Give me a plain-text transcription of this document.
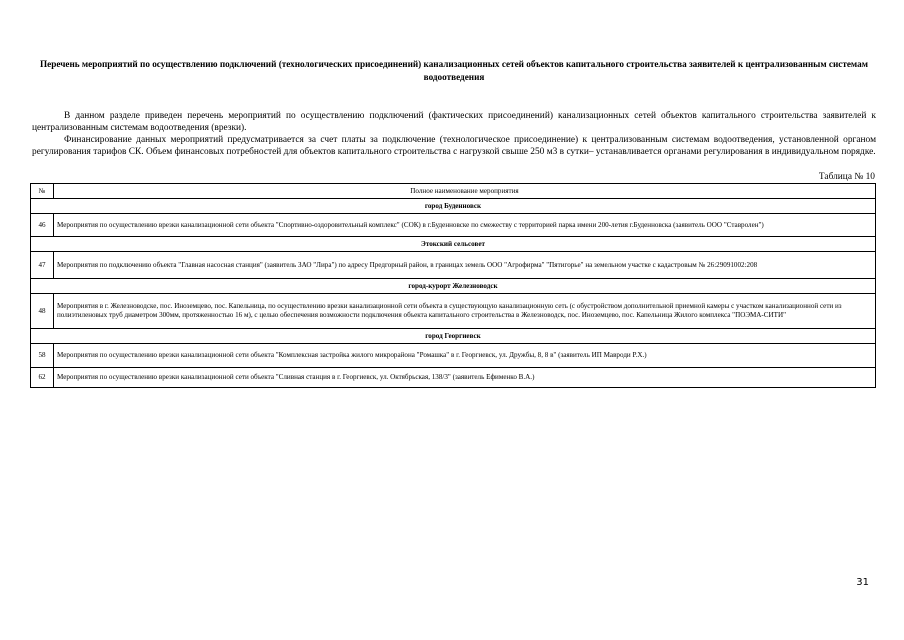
Перечень мероприятий по осуществлению подключений (технологических присоединений) канализационных сетей объектов капитального строительства заявителей к централизованным системам водоотведения

В данном разделе приведен перечень мероприятий по осуществлению подключений (фактических присоединений) канализационных сетей объектов капитального строительства заявителей к централизованным системам водоотведения (врезки).

Финансирование данных мероприятий предусматривается за счет платы за подключение (технологическое присоединение) к централизованным системам водоотведения, установленной органом регулирования тарифов СК. Объем финансовых потребностей для объектов капитального строительства с нагрузкой свыше 250 м3 в сутки– устанавливается органами регулирования в индивидуальном порядке.

Таблица № 10
№	Полное наименование мероприятия
город Буденновск	
46	Мероприятия по осуществлению врезки канализационной сети объекта "Спортивно-оздоровительный комплекс" (СОК) в г.Буденновске по смежеству с территорией парка имени 200-летия г.Буденновска (заявитель ООО "Ставролен")
Этокский сельсовет	
47	Мероприятия по подключению объекта "Главная насосная станция" (заявитель ЗАО "Лира") по адресу Предгорный район, в границах земель ООО "Агрофирма" "Пятигорье" на земельном участке с кадастровым № 26:29091002:208
город-курорт Железноводск	
48	Мероприятия в г. Железноводске, пос. Иноземцево, пос. Капельница, по осуществлению врезки канализационной сети объекта в существующую канализационную сеть (с обустройством дополнительной приемной камеры с участком канализационной сети из полиэтиленовых труб диаметром 300мм, протяженностью 16 м), с целью обеспечения возможности подключения объекта капитального строительства в Железноводск, пос. Иноземцево, пос. Капельница Жилого комплекса "ПОЭМА-СИТИ"
город Георгиевск	
58	Мероприятия по осуществлению врезки канализационной сети объекта "Комплексная застройка жилого микрорайона "Ромашка" в г. Георгиевск, ул. Дружбы, 8, 8 в" (заявитель ИП Мавроди Р.Х.)
62	Мероприятия по осуществлению врезки канализационной сети объекта "Сливная станция в г. Георгиевск, ул. Октябрьская, 138/3" (заявитель Ефименко В.А.)
31
